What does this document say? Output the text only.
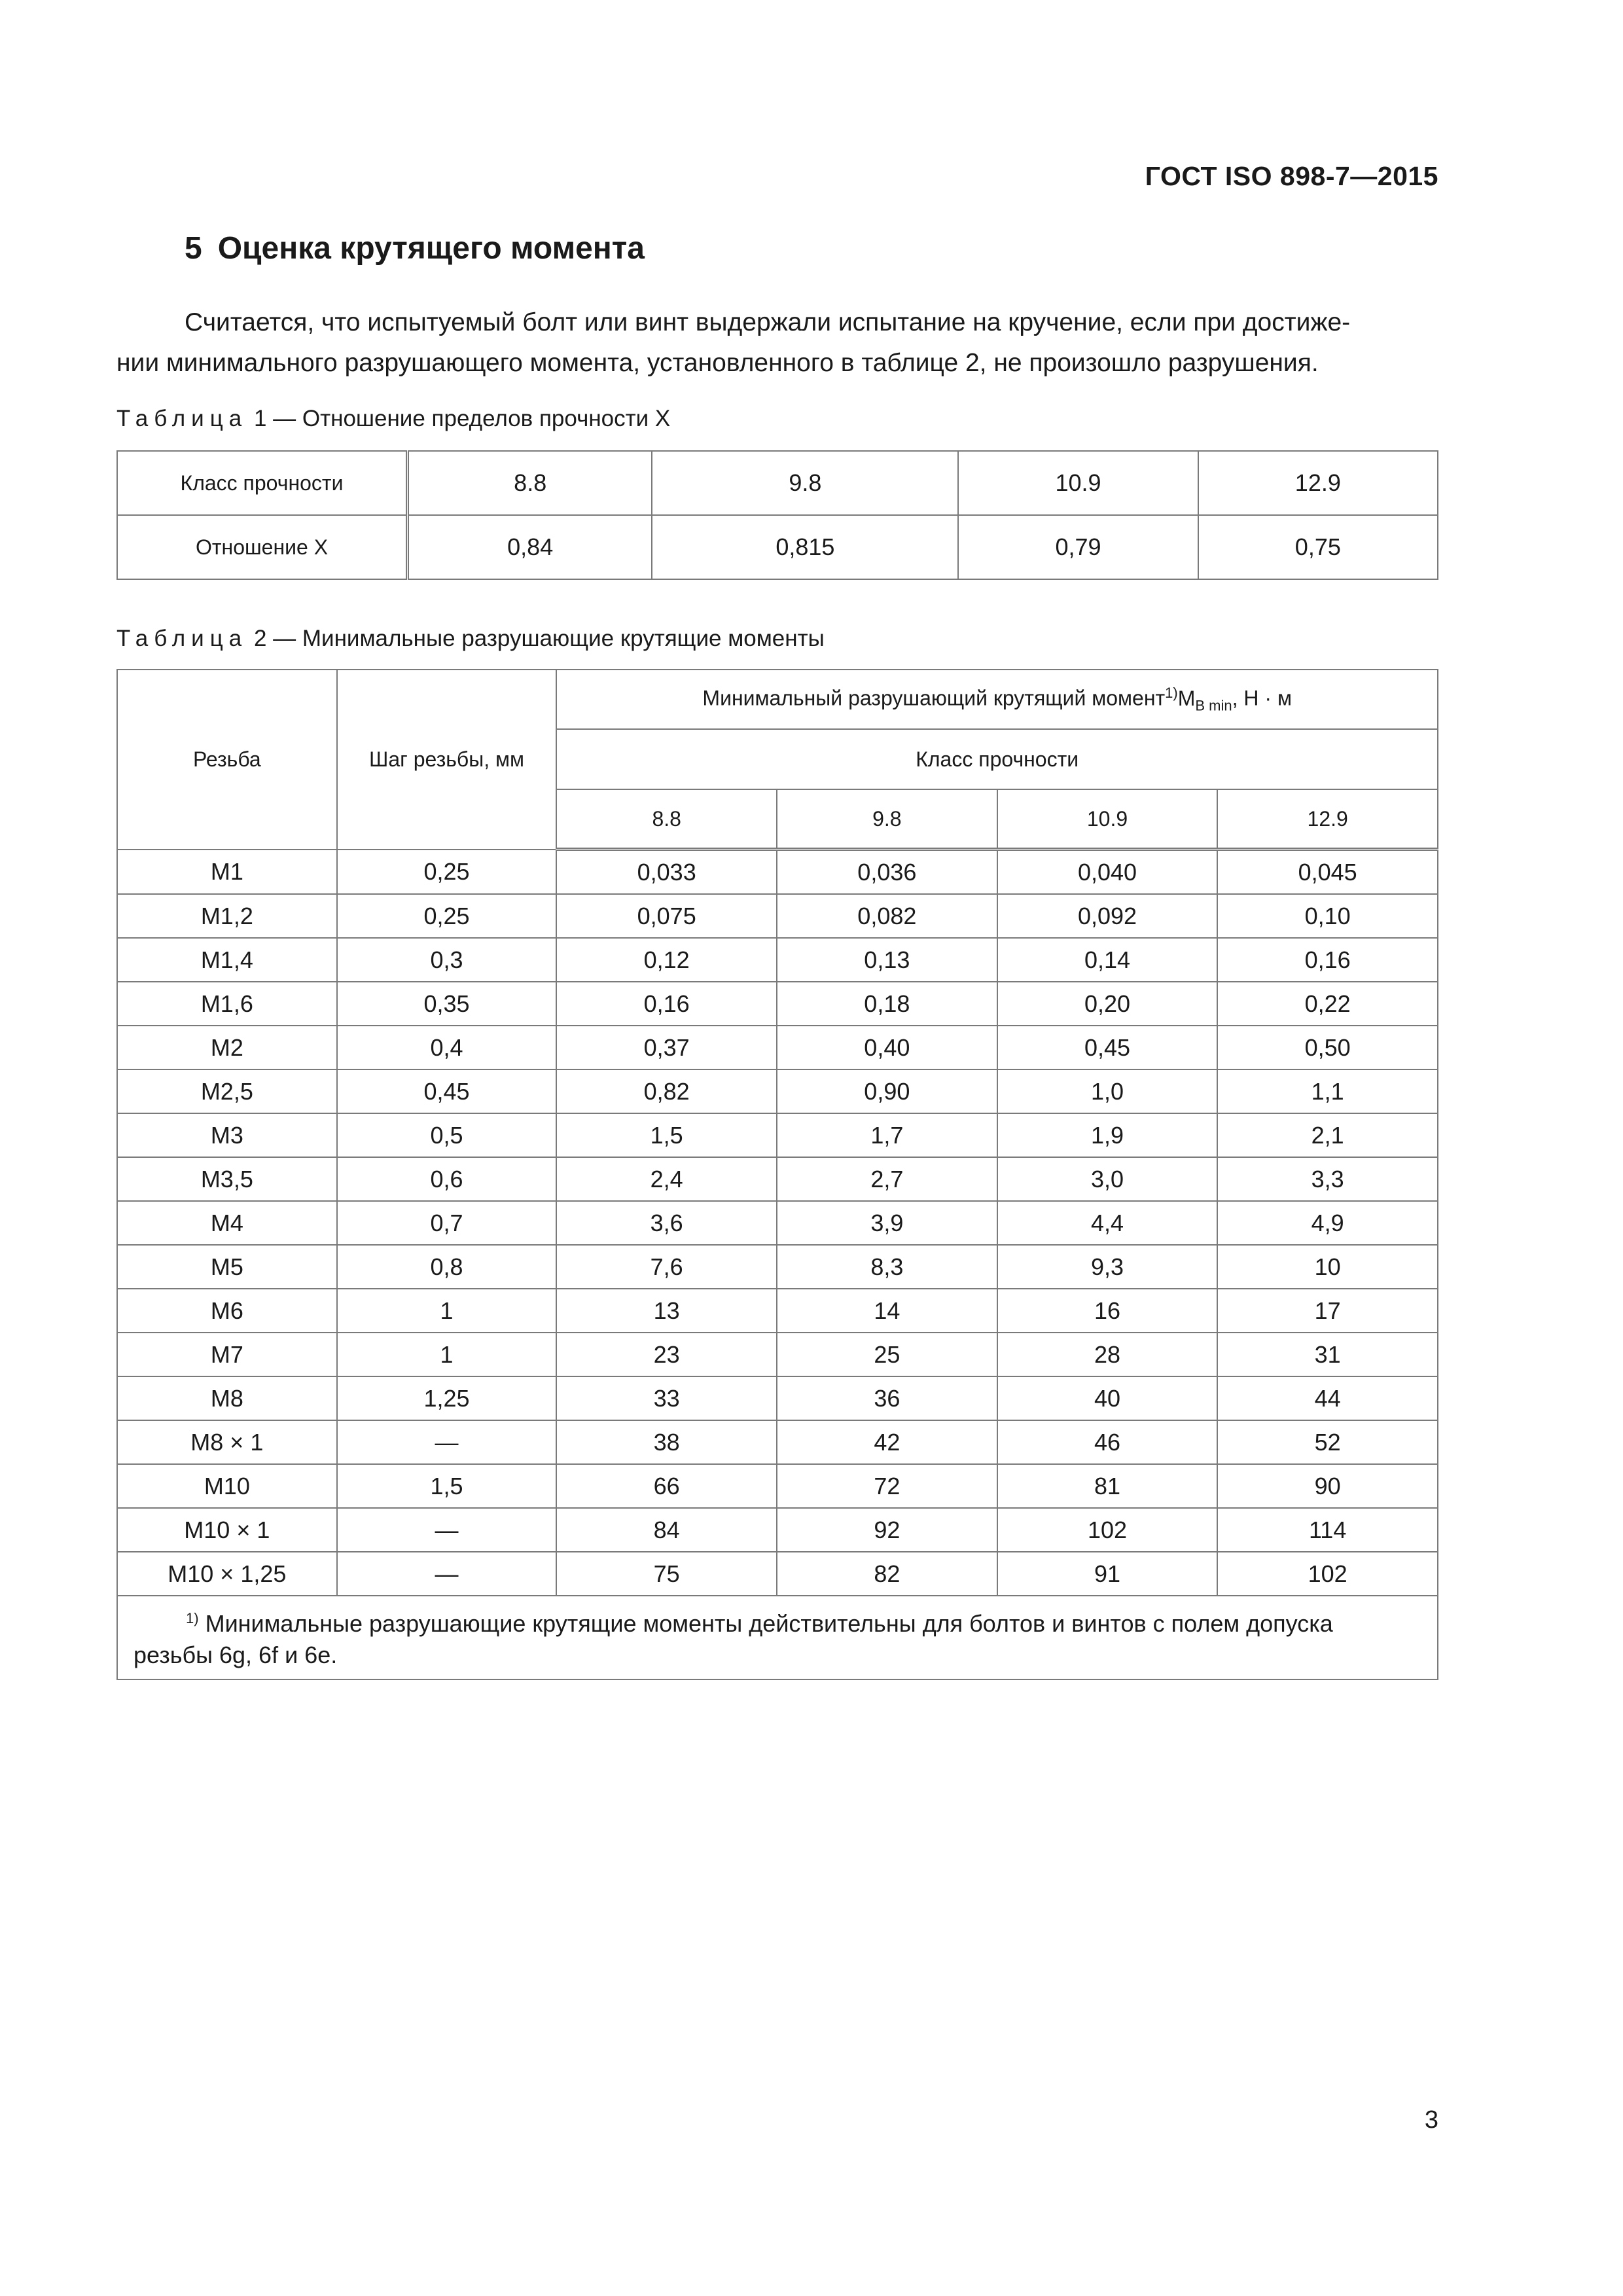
ГОСТ ISO 898-7—2015
5 Оценка крутящего момента

Считается, что испытуемый болт или винт выдержали испытание на кручение, если при достиже-
нии минимального разрушающего момента, установленного в таблице 2, не произошло разрушения.

Таблица 1 — Отношение пределов прочности X
Класс прочности	8.8	9.8	10.9	12.9
Отношение X	0,84	0,815	0,79	0,75
Таблица 2 — Минимальные разрушающие крутящие моменты
Резьба	Шаг резьбы, мм	Минимальный разрушающий крутящий $момент^{1)}M_{B min}$, Н · м			
		Класс прочности			
		8.8	9.8	10.9	12.9
M1	0,25	0,033	0,036	0,040	0,045
M1,2	0,25	0,075	0,082	0,092	0,10
M1,4	0,3	0,12	0,13	0,14	0,16
M1,6	0,35	0,16	0,18	0,20	0,22
M2	0,4	0,37	0,40	0,45	0,50
M2,5	0,45	0,82	0,90	1,0	1,1
M3	0,5	1,5	1,7	1,9	2,1
M3,5	0,6	2,4	2,7	3,0	3,3
M4	0,7	3,6	3,9	4,4	4,9
M5	0,8	7,6	8,3	9,3	10
M6	1	13	14	16	17
M7	1	23	25	28	31
M8	1,25	33	36	40	44
M8 × 1	—	38	42	46	52
M10	1,5	66	72	81	90
M10 × 1	—	84	92	102	114
M10 × 1,25	—	75	82	91	102

$^{1)}$ Минимальные разрушающие крутящие моменты действительны для болтов и винтов с полем допуска
резьбы 6g, 6f и 6e.					
3
